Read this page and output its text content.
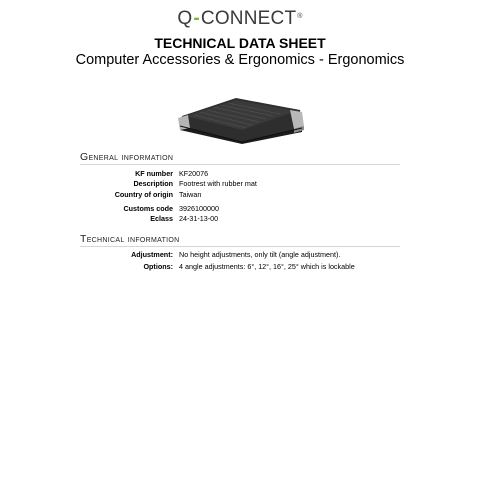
Q-CONNECT®
TECHNICAL DATA SHEET
Computer Accessories & Ergonomics - Ergonomics
General information
KF number KF20076
Description Footrest with rubber mat
Country of origin Taiwan
Customs code 3926100000
Eclass 24-31-13-00
Technical information
Adjustment: No height adjustments, only tilt (angle adjustment).
Options: 4 angle adjustments: 6°, 12°, 16°, 25° which is lockable
